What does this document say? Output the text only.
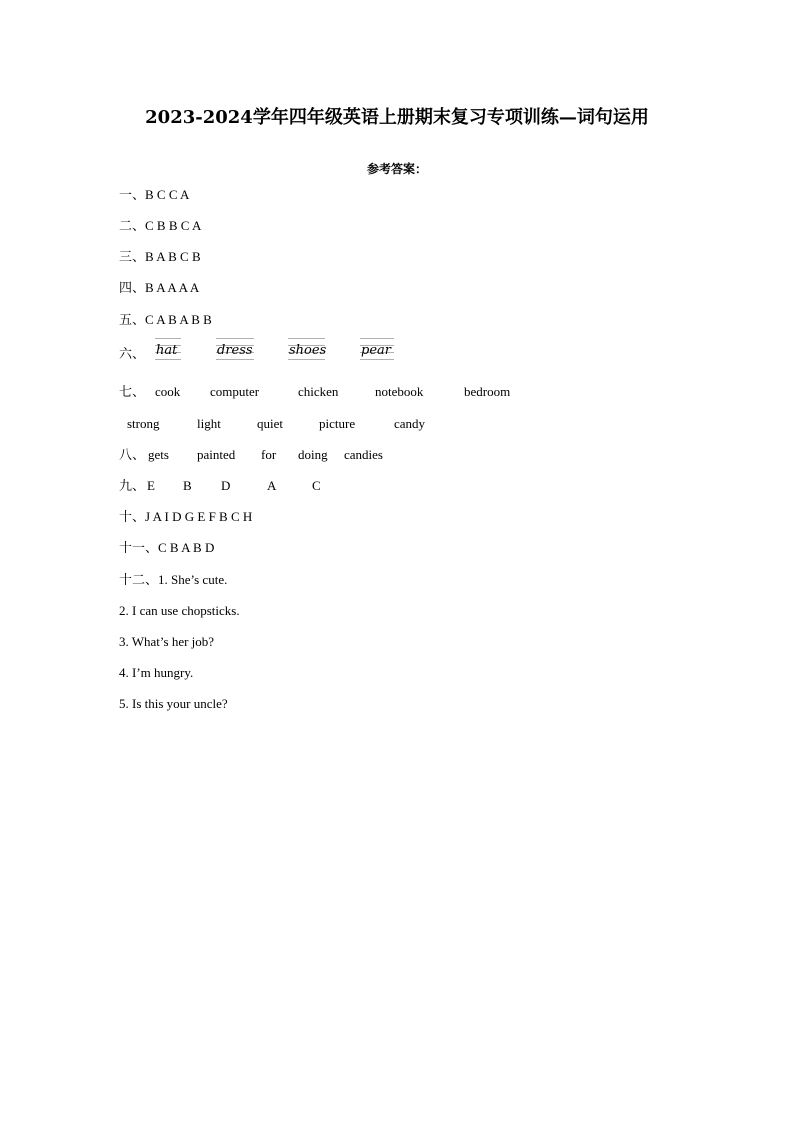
2023-2024学年四年级英语上册期末复习专项训练—词句运用
参考答案：
一、B C C A
二、C B B C A
三、B A B C B
四、B A A A A
五、C A B A B B
六、 hat	dress	shoes	pear
七、 cook computer	chicken	notebook	bedroom
strong	light	quiet	picture	candy
八、 gets painted for doing candies
九、 E B D	A	C
十、J A I D G E F B C H
十一、C B A B D
十二、1. She’s cute.
2. I can use chopsticks.
3. What’s her job?
4. I’m hungry.
5. Is this your uncle?
